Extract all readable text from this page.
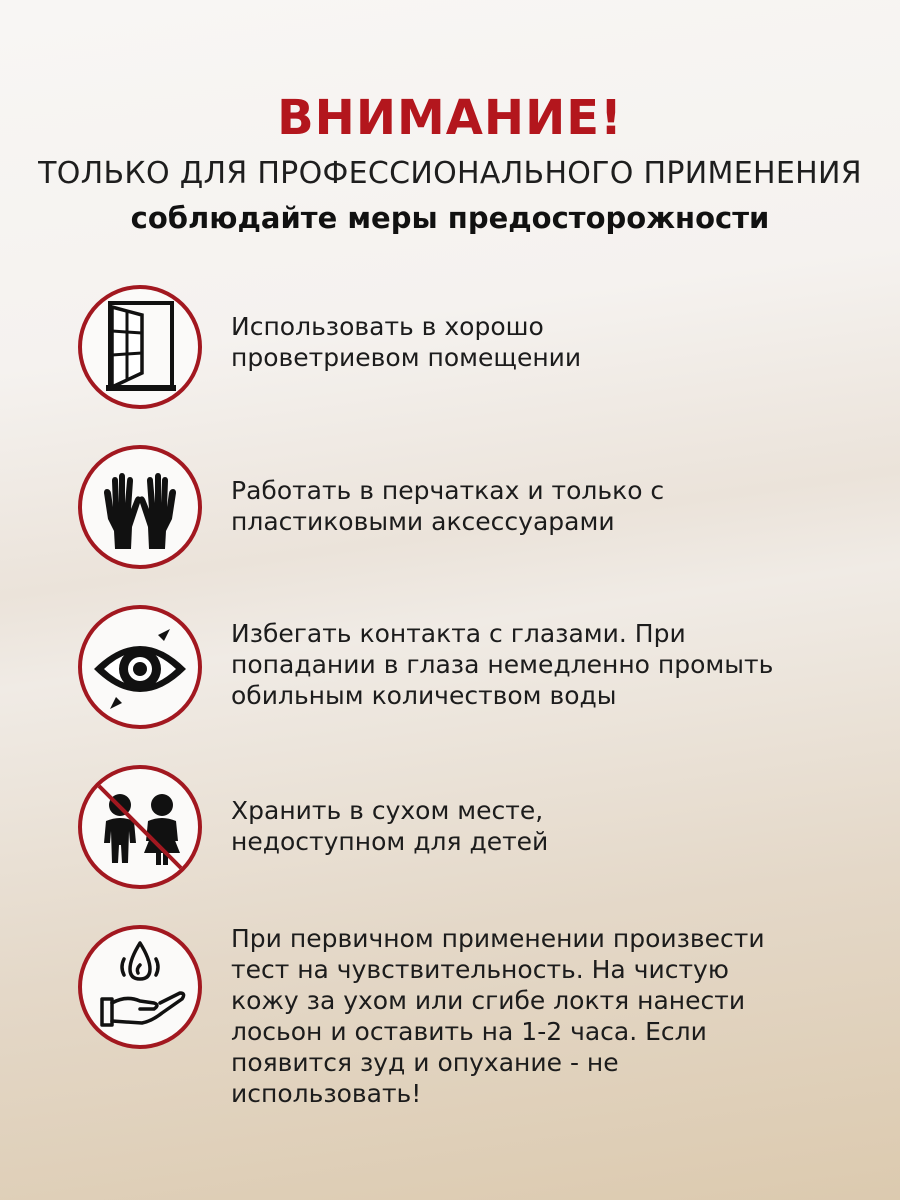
ВНИМАНИЕ!
ТОЛЬКО ДЛЯ ПРОФЕССИОНАЛЬНОГО ПРИМЕНЕНИЯ
соблюдайте меры предосторожности
Использовать в хорошо
проветриевом помещении
Работать в перчатках и только с
пластиковыми аксессуарами
Избегать контакта с глазами. При
попадании в глаза немедленно промыть
обильным количеством воды
Хранить в сухом месте,
недоступном для детей
При первичном применении произвести
тест на чувствительность. На чистую
кожу за ухом или сгибе локтя нанести
лосьон и оставить на 1-2 часа. Если
появится зуд и опухание - не
использовать!
